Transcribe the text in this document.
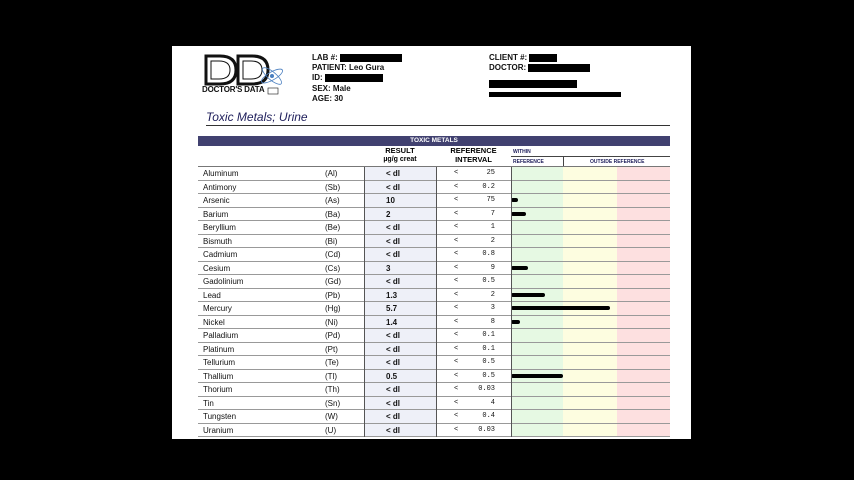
DOCTOR'S DATA
LAB #:
PATIENT: Leo Gura
ID:
SEX: Male
AGE: 30
CLIENT #:
DOCTOR:
Toxic Metals; Urine
TOXIC METALS
RESULT
µg/g creat
REFERENCE
INTERVAL
WITHIN
REFERENCE	OUTSIDE REFERENCE
Aluminum	(Al)	< dl	<	25
Antimony	(Sb)	< dl	<	0.2
Arsenic	(As)	10	<	75
Barium	(Ba)	2	<	7
Beryllium	(Be)	< dl	<	1
Bismuth	(Bi)	< dl	<	2
Cadmium	(Cd)	< dl	<	0.8
Cesium	(Cs)	3	<	9
Gadolinium	(Gd)	< dl	<	0.5
Lead	(Pb)	1.3	<	2
Mercury	(Hg)	5.7	<	3
Nickel	(Ni)	1.4	<	8
Palladium	(Pd)	< dl	<	0.1
Platinum	(Pt)	< dl	<	0.1
Tellurium	(Te)	< dl	<	0.5
Thallium	(Tl)	0.5	<	0.5
Thorium	(Th)	< dl	<	0.03
Tin	(Sn)	< dl	<	4
Tungsten	(W)	< dl	<	0.4
Uranium	(U)	< dl	<	0.03
